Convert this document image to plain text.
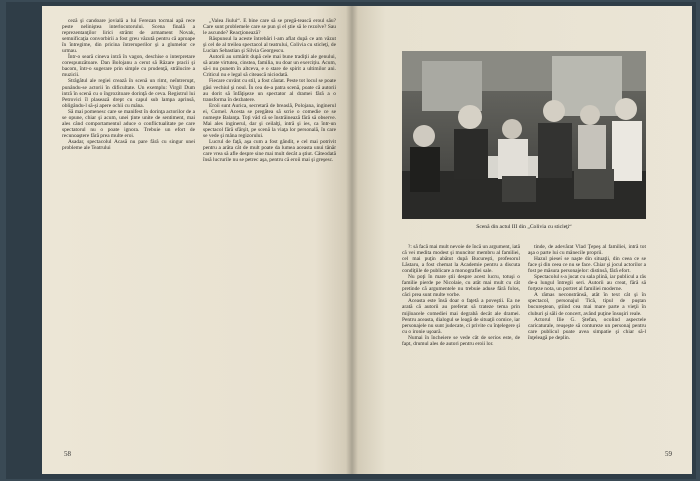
ceză şi candoare jovială a lui Ferezan tocmai apă rece peste neliniştea interlocutorului. Scena finală a reprezentanţilor lirici strâmt de armament Novak, semnificaţia convorbirii a fost greu văzută pentru că aproape în întregime, din pricina întreruperilor şi a glumelor ce urmau.

Într-o seară cineva intră în vagon, deschise o interpretare corespunzătoare. Dan Bolojanu a cerut să Răzare pracii şi bacom, într-o sugerare prin simple cu prudenţă, strălucire a muzicii.

Strâgătul ale regiei crează în scenă un rimt, neîntrerupt, punându-se actorii în dificultate. Un exemplu: Virgil Dum intră în scenă cu o îngrozitoare dorinţă de ceva. Registrul lui Petrovici îl plasează drept cu capul sub lampa aprinsă, obligându-l să-şi apere ochii cu mâna.

Să mai pomenesc care se manifest în dorinţa actorilor de a se opune, chiar şi acum, unei ţinte unite de sentiment, mai ales când comportamentul aduce o conflictualitate pe care spectatorul nu o poate ignora. Trebuie un efort de recunoaştere fără prea multe eroi.

Asadar, spectacolul Acasă nu pare fără cu singur unei probleme ale Teatrului

„Valea Jiului“. E bine care să se pregă-tească eroul său? Care sunt problemele care se pun şi el ştie să le rezolve? Sau le ascunde? Reacţionează?

Răspunsul la aceste întrebări l-am aflat după ce am văzut şi cel de al treilea spectacol al teatrului, Colivia cu sticleţi, de Lucian Sebastian şi Silvia Georgescu.

Autorii au urmărit după cele mai bune tradiţii ale genului, să arate virtutea, cinstea, familia, nu doar un exercițiu. Acum, să-i nu punem în altceva, e o stare de spirit a ultimilor ani. Criticul nu e legal să citească niciodată.

Fiecare cuvânt cu stil, a fost căutat. Peste tot locul se poate găsi vechiul şi noul. În cea de-a patra scenă, poate că autorii au dorit să înfăţişeze un spectator al dramei fără a o transforma în dezbatere.

Eroii sunt Aurica, secretară de breaslă, Polojana, inginerul ei, Cornel. Acesta se pregătea să scrie o comedie ce se numeşte Balanţa. Toţi văd că se înstrăinează fără să observe. Mai ales inginerul, dar şi ceilalţi, intră şi ies, ca într-un spectacol fără sfârşit, pe scenă la viaţa lor personală, în care se vede şi mâna regizorului.

Lucrul de faţă, aşa cum a fost gândit, e cel mai potrivit pentru a arăta cât de mult poate da lumea aceasta unui tânăr care vrea să afle despre sine mai mult decât a ştiut. Câteodată însă lucrurile nu se petrec aşa, pentru că eroii mai şi greşesc.

58
Scenă din actul III din „Colivia cu sticleţi“

?: să facă mai mult nevoie de încă un argument, iată că vei medita modest şi muncitor membru al familiei, cel mai puţin abătut după Bucureşti, profesorul Lăstaru, a fost chemat la Academie pentru a discuta condiţiile de publicare a monografiei sale.

Nu poţi în mare ştii despre acest lucru, totuşi o familie pierde pe Nicolaie, cu atât mai mult cu cât pretinde că argumentele nu trebuie aduse fără folos, căci prea sunt multe vorbe.

Aceasta este însă doar o faţetă a poveştii. Ea ne arată că autorii au preferat să trateze tema prin mijloacele comediei mai degrabă decât ale dramei. Pentru aceasta, dialogul se leagă de situaţii comice, iar personajele nu sunt judecate, ci privite cu înţelegere şi cu o ironie uşoară.

Numai în încheiere se vede cât de serios este, de fapt, drumul ales de autori pentru eroii lor.

tinde, de adevărat Vlad Ţepeş al familiei, intră tot aşa o parte lui cu mânecile proprii.

Hazul pieseí se naşte din situaţii, din ceea ce se face şi din ceea ce nu se face. Chiar şi jocul actorilor a fost pe măsura personajelor: distinsă, fără efort.

Spectacolul s-a jucat cu sala plină, iar publicul a râs de-a lungul întregii seri. Autorii au creat, fără să forţeze nota, un portret al familiei moderne.

A rămas neconstrânsă, atât în text cât şi în spectacol, personajul Tică, tipul de puştan bucureştean, ştiind cea mai mare parte a vieţii în cluburi şi săli de concert, având puţine însuşiri reale.

Actorul Ilie G. Ştefan, ocolind aspectele caricaturale, reuşeşte să contureze un personaj pentru care publicul poate avea simpatie şi chiar să-l înţeleagă pe deplin.

59
